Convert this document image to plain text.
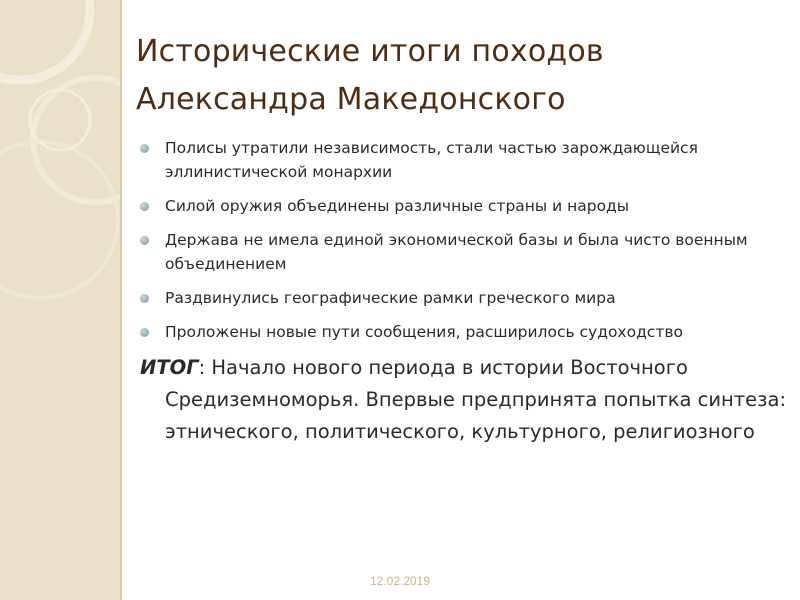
Исторические итоги походов
Александра Македонского
Полисы утратили независимость, стали частью зарождающейся эллинистической монархии
Силой оружия объединены различные страны и народы
Держава не имела единой экономической базы и была чисто военным объединением
Раздвинулись географические рамки греческого мира
Проложены новые пути сообщения, расширилось судоходство

ИТОГ: Начало нового периода в истории Восточного Средиземноморья. Впервые предпринята попытка синтеза: этнического, политического, культурного, религиозного

12.02.2019
